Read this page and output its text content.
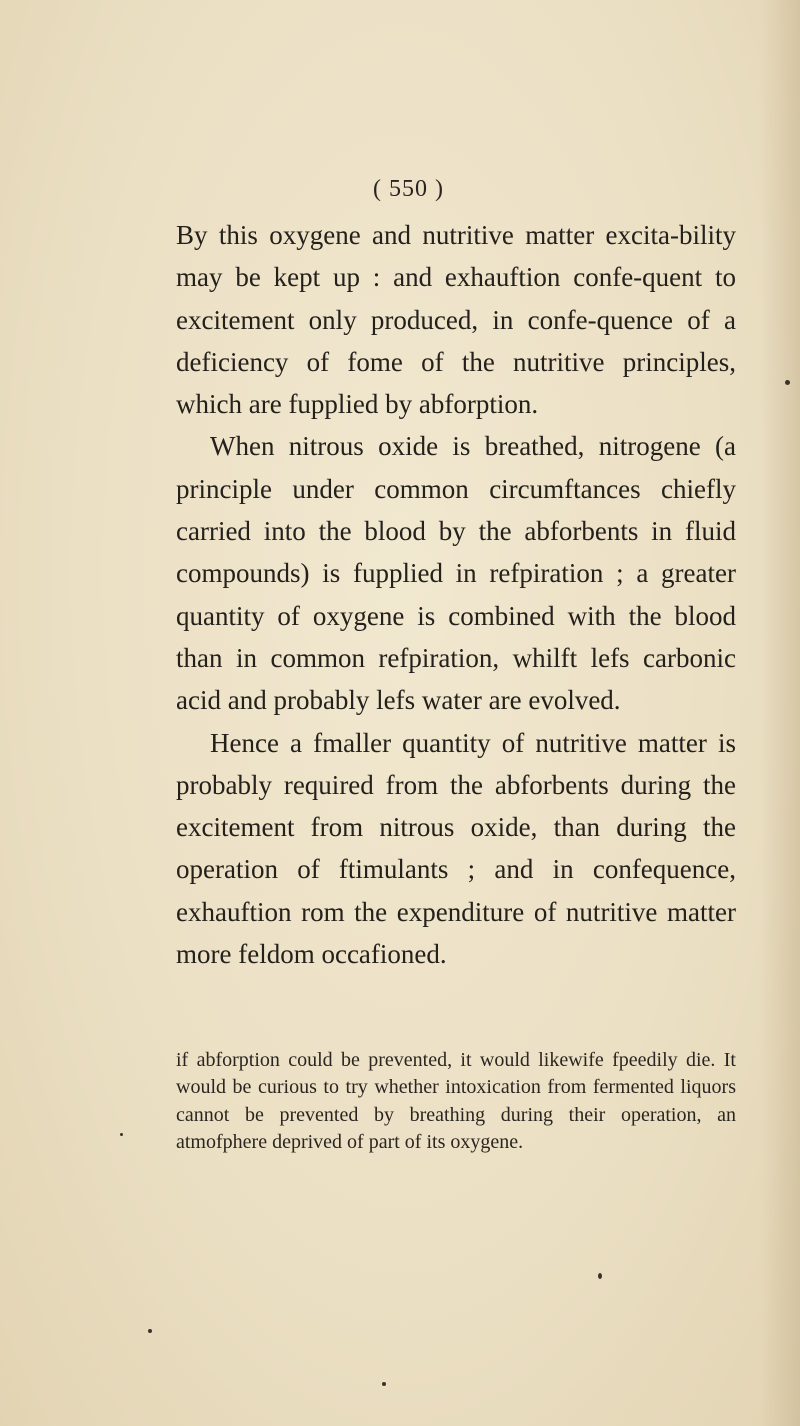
( 550 )

By this oxygene and nutritive matter excita-bility may be kept up : and exhauftion confe-quent to excitement only produced, in confe-quence of a deficiency of fome of the nutritive principles, which are fupplied by abforption.

When nitrous oxide is breathed, nitrogene (a principle under common circumftances chiefly carried into the blood by the abforbents in fluid compounds) is fupplied in refpiration ; a greater quantity of oxygene is combined with the blood than in common refpiration, whilft lefs carbonic acid and probably lefs water are evolved.

Hence a fmaller quantity of nutritive matter is probably required from the abforbents during the excitement from nitrous oxide, than during the operation of ftimulants ; and in confequence, exhauftion rom the expenditure of nutritive matter more feldom occafioned.

if abforption could be prevented, it would likewife fpeedily die. It would be curious to try whether intoxication from fermented liquors cannot be prevented by breathing during their operation, an atmofphere deprived of part of its oxygene.
